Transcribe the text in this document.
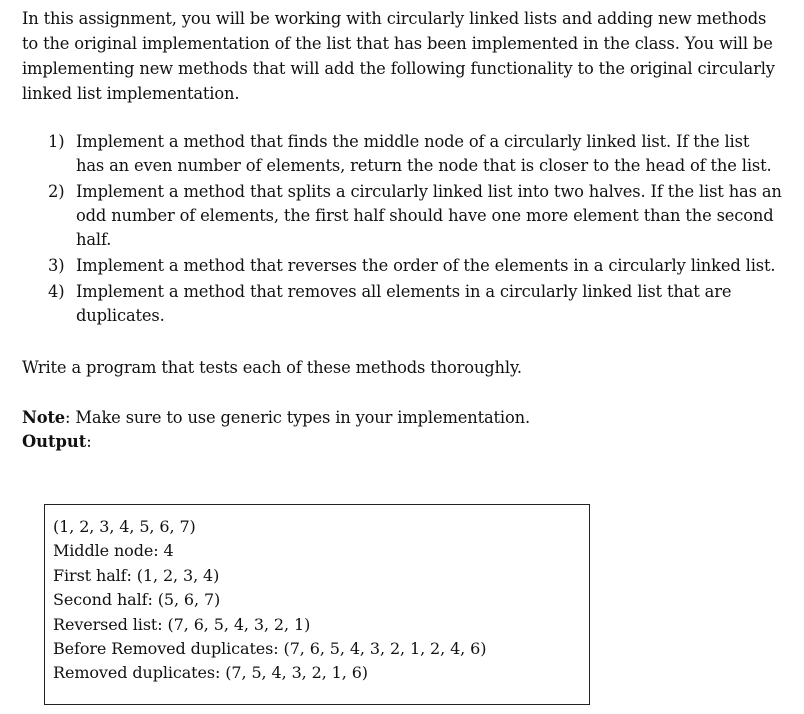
In this assignment, you will be working with circularly linked lists and adding new methods to the original implementation of the list that has been implemented in the class. You will be implementing new methods that will add the following functionality to the original circularly linked list implementation.

1) Implement a method that finds the middle node of a circularly linked list. If the list has an even number of elements, return the node that is closer to the head of the list.
2) Implement a method that splits a circularly linked list into two halves. If the list has an odd number of elements, the first half should have one more element than the second half.
3) Implement a method that reverses the order of the elements in a circularly linked list.
4) Implement a method that removes all elements in a circularly linked list that are duplicates.

Write a program that tests each of these methods thoroughly.

Note: Make sure to use generic types in your implementation.

Output:

(1, 2, 3, 4, 5, 6, 7)
Middle node: 4
First half: (1, 2, 3, 4)
Second half: (5, 6, 7)
Reversed list: (7, 6, 5, 4, 3, 2, 1)
Before Removed duplicates: (7, 6, 5, 4, 3, 2, 1, 2, 4, 6)
Removed duplicates: (7, 5, 4, 3, 2, 1, 6)
